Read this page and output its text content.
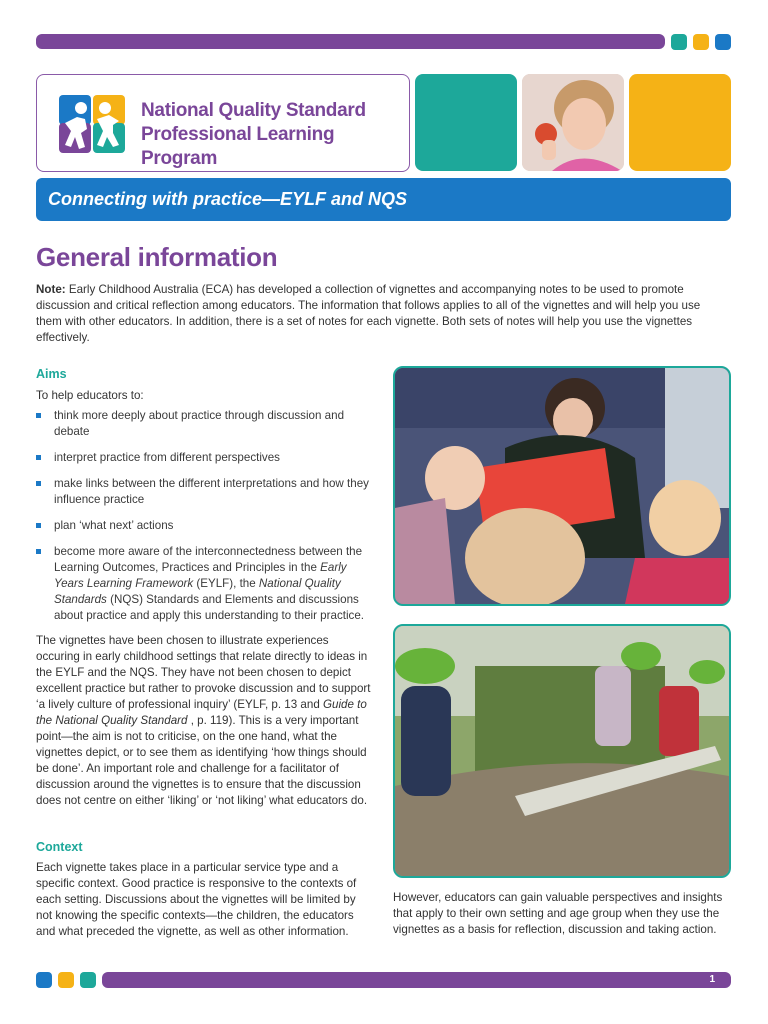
National Quality Standard
Professional Learning Program
Connecting with practice—EYLF and NQS
General information
Note: Early Childhood Australia (ECA) has developed a collection of vignettes and accompanying notes to be used to promote discussion and critical reflection among educators. The information that follows applies to all of the vignettes and will help you use them with other educators. In addition, there is a set of notes for each vignette. Both sets of notes will help you use the vignettes effectively.
Aims
To help educators to:
think more deeply about practice through discussion and debate
interpret practice from different perspectives
make links between the different interpretations and how they influence practice
plan ‘what next’ actions
become more aware of the interconnectedness between the Learning Outcomes, Practices and Principles in the Early Years Learning Framework (EYLF), the National Quality Standards (NQS) Standards and Elements and discussions about practice and apply this understanding to their practice.
The vignettes have been chosen to illustrate experiences occuring in early childhood settings that relate directly to ideas in the EYLF and the NQS. They have not been chosen to depict excellent practice but rather to provoke discussion and to support ‘a lively culture of professional inquiry’ (EYLF, p. 13 and Guide to the National Quality Standard , p. 119). This is a very important point—the aim is not to criticise, on the one hand, what the vignettes depict, or to see them as identifying ‘how things should be done’. An important role and challenge for a facilitator of discussion around the vignettes is to ensure that the discussion does not centre on either ‘liking’ or ‘not liking’ what educators do.
Context
Each vignette takes place in a particular service type and a specific context. Good practice is responsive to the contexts of each setting. Discussions about the vignettes will be limited by not knowing the specific contexts—the children, the educators and what preceded the vignette, as well as other information.
However, educators can gain valuable perspectives and insights that apply to their own setting and age group when they use the vignettes as a basis for reflection, discussion and taking action.
1
